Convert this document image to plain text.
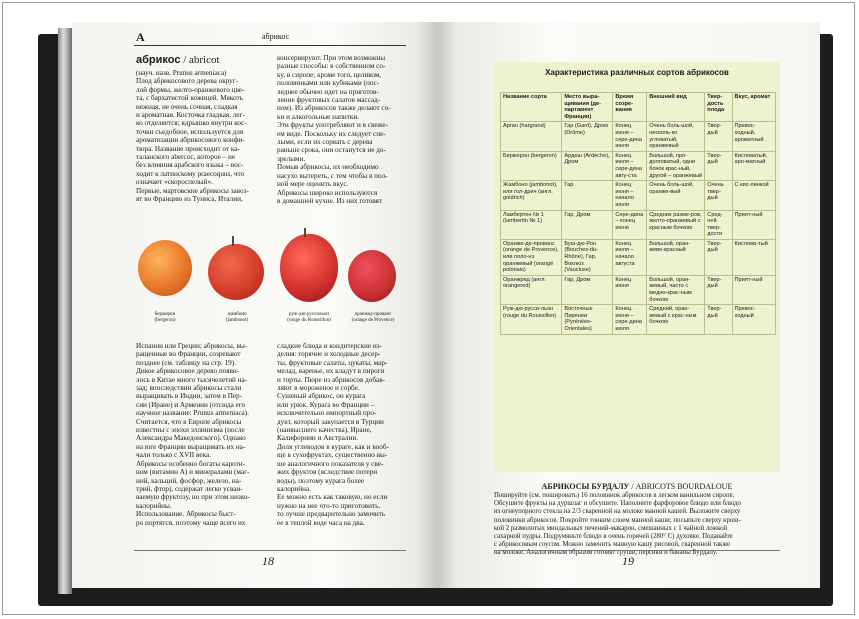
A	абрикос
абрикос / abricot

(науч. назв. Prunus armeniaca)

Плод абрикосового дерева округ-

лой формы, желто-оранжевого цве-

та, с бархатистой кожицей. Мякоть

нежная, не очень сочная, сладкая

и ароматная. Косточка гладкая, лег-

ко отделяется; ядрышко внутри кос-

точки съедобное, используется для

ароматизации абрикосового конфи-

тюра. Название происходит от ка-

таланского abercoc, которое – не

без влияния арабского языка – вос-

ходит к латинскому praecoquus, что

означает «скороспелый».

Первые, мартовские абрикосы завоз-

ят во Францию из Туниса, Италии,

консервируют. При этом возможны

разные способы: в собственном со-

ку, в сиропе; кроме того, целиком,

половинками или кубиками (пос-

леднее обычно идет на приготов-

ление фруктовых салатов массад-

ном). Из абрикосов также делают со-

ки и алкогольные напитки.

Эти фрукты употребляют и в свеже-

ем виде. Поскольку их следует спе-

лыми, если их сорвать с дерева

раньше срока, они останутся не до-

зрелыми.

Помыв абрикосы, их необходимо

насухо вытереть, с тем чтобы в пол-

ной мере оценить вкус.

Абрикосы широко используются

в домашней кухне. Из них готовят

бержерон
(bergeron)
жамбоно
(jambonot)
руж-дю-руссильон
(rouge du Roussillon)
оранжед-прованс
(orange de Provence)

Испании или Греции; абрикосы, вы-

ращенные во Франции, созревают

позднее (см. таблицу на стр. 19).

Дикое абрикосовое дерево появи-

лось в Китае много тысячелетий на-

зад; впоследствии абрикосы стали

выращивать в Индии, затем в Пер-

сии (Иране) и Армении (отсюда его

научное название: Prunus armeniaca).

Считается, что в Европе абрикосы

известны с эпохи эллинизма (после

Александра Македонского). Однако

на юге Франции выращивать их на-

чали только с XVII века.

Абрикосы особенно богаты кароти-

ном (витамин А) и минералами (маг-

ний, кальций, фосфор, железо, на-

трий, фтор), содержат легко усваи-

ваемую фруктозу, но при этом низко-

калорийны.

Использование. Абрикосы быст-

ро портятся, поэтому чаще всего их

сладкие блюда и кондитерские из-

делия: горячие и холодные десер-

ты, фруктовые салаты, цукаты, мар-

мелад, варенье, их кладут в пироги

и торты. Пюре из абрикосов добав-

ляют в мороженое и сорбе.

Сушеный абрикос, он курага

или урюк. Курага во Франции –

исключительно импортный про-

дукт, который закупается в Турции

(наивысшего качества), Иране,

Калифорнии и Австралии.

Доля углеводов в кураге, как и вооб-

ще в сухофруктах, существенно вы-

ше аналогичного показателя у све-

жих фруктов (вследствие потери

воды), поэтому курага более

калорийна.

Ее можно есть как таковую, но если

нужно на нее что-то приготовить,

то лучше предварительно замочить

ее в теплой воде часа на два.

18
Характеристика различных сортов абрикосов
Название сорта	Место выра-щивания (де-партамент Франции)	Время созре-вания	Внешний вид	Твер-дость плода	Вкус, аромат
Арган (hargrand)	Гар (Gard), Дром (Drôme)	Конец июня – сере-дина июля	Очень боль-шой, несколь-ко угловатый, оранжевый	Твер-дый	Превос-ходный, ароматный
Бержерон (bergeron)	Ардеш (Ardèche), Дром	Конец июля – сере-дина авгу-ста	Большой, про-долговатый, одни бочок крас-ный, другой – оранжевый	Твер-дый	Кисловатый, аро-матный
Жамбоно (jambonot), или гол-дрич (англ. goldrich)	Гар	Конец июня – начало июля	Очень боль-шой, оранже-вый	Очень твер-дый	С кис-линкой
Ламбертен № 1 (lambertin № 1)	Гар, Дром	Сере-дина – конец июня	Средних разме-ров, желто-оранжевый с красным бочком	Сред-ней твер-дости	Прият-ный
Оранже-де-прованс (orange de Provence), или поло-нэ оранжевый (orangé polonais)	Буш-дю-Рон (Bouches-du-Rhône), Гар, Воклюз (Vaucluse)	Конец июля – начало августа	Большой, оран-жево-красный	Твер-дый	Кислова-тый
Оранжред (англ. orangered)	Гар, Дром	Конец июня	Большой, оран-жевый, часто с медно-крас-ным бочком	Твер-дый	Прият-ный
Руж-дю-русси-льон (rouge du Roussillon)	Восточные Пиренеи (Pyrénées-Orientales)	Конец июня – сере-дина июля	Средний, оран-жевый с крас-ным бочком	Твер-дый	Превос-ходный
АБРИКОСЫ БУРДАЛУ / ABRICOTS BOURDALOUE

Пошируйте (см. пошировать) 16 половинок абрикосов в легком ванильном сиропе.

Обсушите фрукты на дуршлаг и обсушите. Наполните фарфоровое блюдо или блюдо

из огнеупорного стекла на 2/3 сваренной на молоке манной кашей. Выложите сверху

половинки абрикосов. Покройте тонким слоем манной каши; посыпьте сверху крош-

кой 2 размолотых миндальных печений-макарон, смешанных с 1 чайной ложкой

сахарной пудры. Подрумяньте блюдо в очень горячей (280° С) духовке. Подавайте

с абрикосовым соусом. Можно заменить манную кашу рисовой, сваренной также

на молоке. Аналогичным образом готовят груши, персики и бананы Бурдалу.

19
